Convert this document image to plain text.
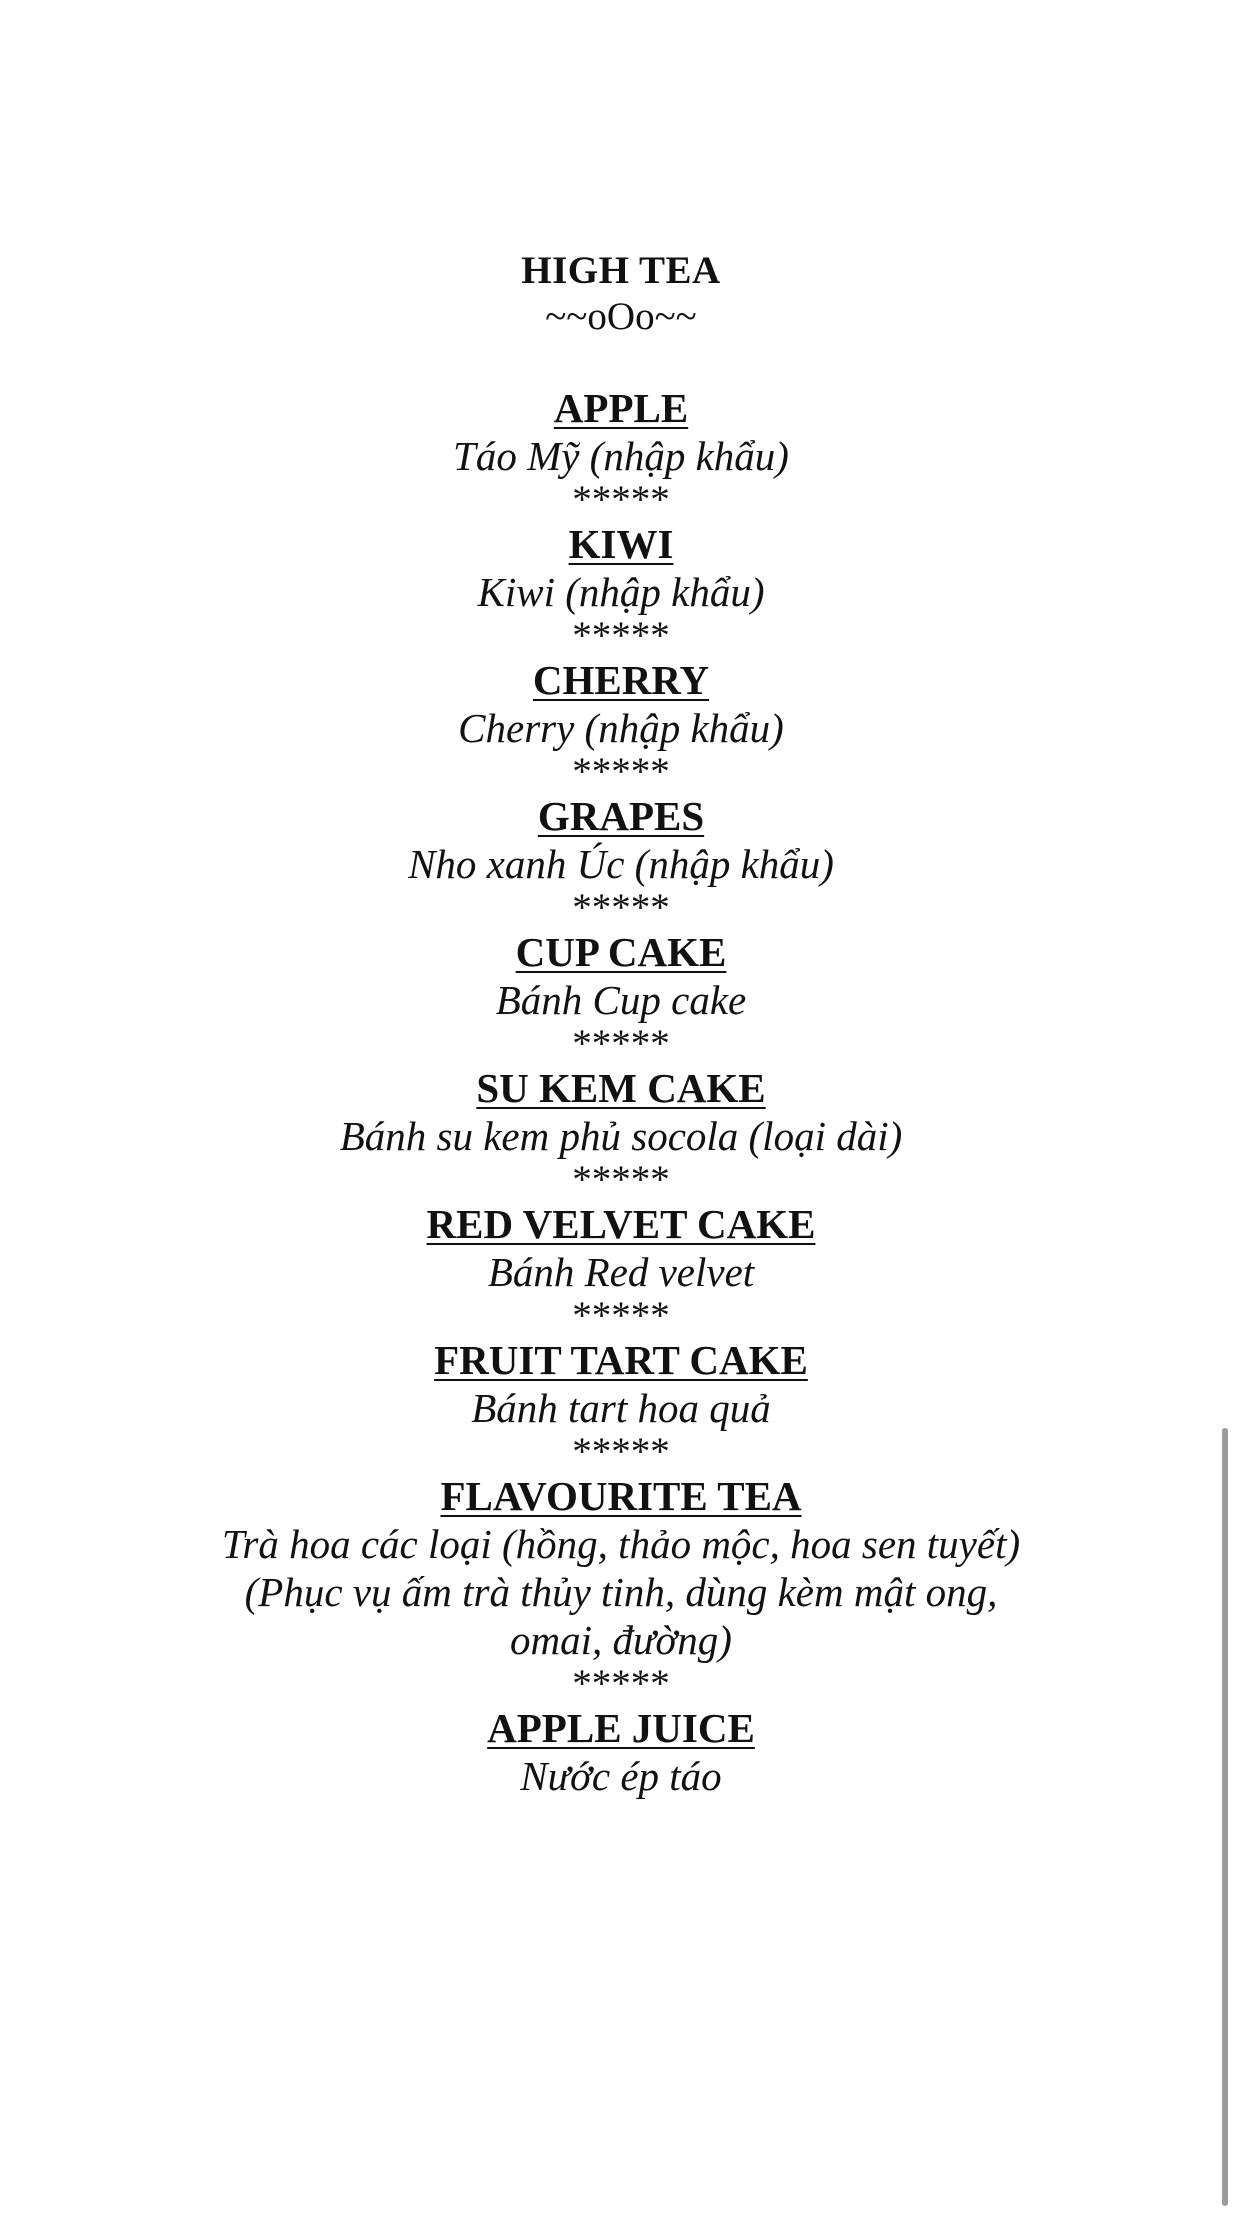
HIGH TEA
~~oOo~~
APPLE
Táo Mỹ (nhập khẩu)
*****
KIWI
Kiwi (nhập khẩu)
*****
CHERRY
Cherry (nhập khẩu)
*****
GRAPES
Nho xanh Úc (nhập khẩu)
*****
CUP CAKE
Bánh Cup cake
*****
SU KEM CAKE
Bánh su kem phủ socola (loại dài)
*****
RED VELVET CAKE
Bánh Red velvet
*****
FRUIT TART CAKE
Bánh tart hoa quả
*****
FLAVOURITE TEA
Trà hoa các loại (hồng, thảo mộc, hoa sen tuyết)
(Phục vụ ấm trà thủy tinh, dùng kèm mật ong,
omai, đường)
*****
APPLE JUICE
Nước ép táo
